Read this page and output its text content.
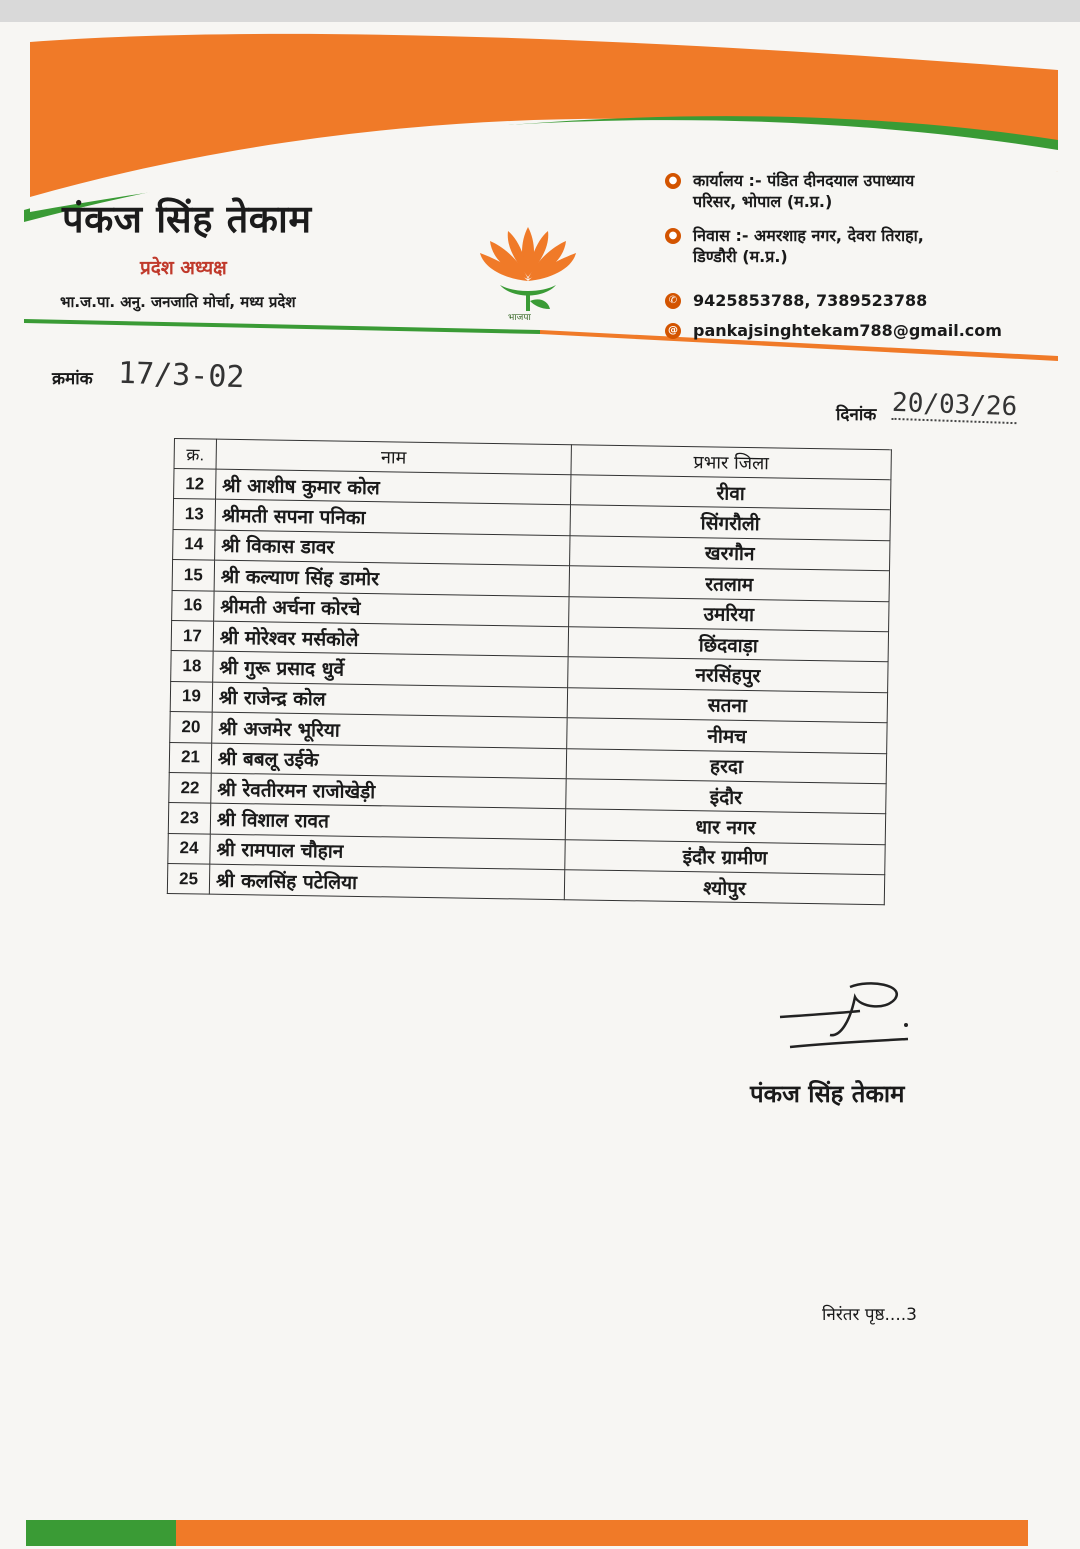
पंकज सिंह तेकाम
प्रदेश अध्यक्ष
भा.ज.पा. अनु. जनजाति मोर्चा, मध्य प्रदेश
भाजपा
● कार्यालय :- पंडित दीनदयाल उपाध्याय
परिसर, भोपाल (म.प्र.)
● निवास :- अमरशाह नगर, देवरा तिराहा,
डिण्डौरी (म.प्र.)
✆ 9425853788, 7389523788
@ pankajsinghtekam788@gmail.com
क्रमांक 17/3-02
दिनांक 20/03/26
क्र.	नाम	प्रभार जिला
12	श्री आशीष कुमार कोल	रीवा
13	श्रीमती सपना पनिका	सिंगरौली
14	श्री विकास डावर	खरगौन
15	श्री कल्याण सिंह डामोर	रतलाम
16	श्रीमती अर्चना कोरचे	उमरिया
17	श्री मोरेश्वर मर्सकोले	छिंदवाड़ा
18	श्री गुरू प्रसाद धुर्वे	नरसिंहपुर
19	श्री राजेन्द्र कोल	सतना
20	श्री अजमेर भूरिया	नीमच
21	श्री बबलू उईके	हरदा
22	श्री रेवतीरमन राजोखेड़ी	इंदौर
23	श्री विशाल रावत	धार नगर
24	श्री रामपाल चौहान	इंदौर ग्रामीण
25	श्री कलसिंह पटेलिया	श्योपुर
पंकज सिंह तेकाम
निरंतर पृष्ठ....3
